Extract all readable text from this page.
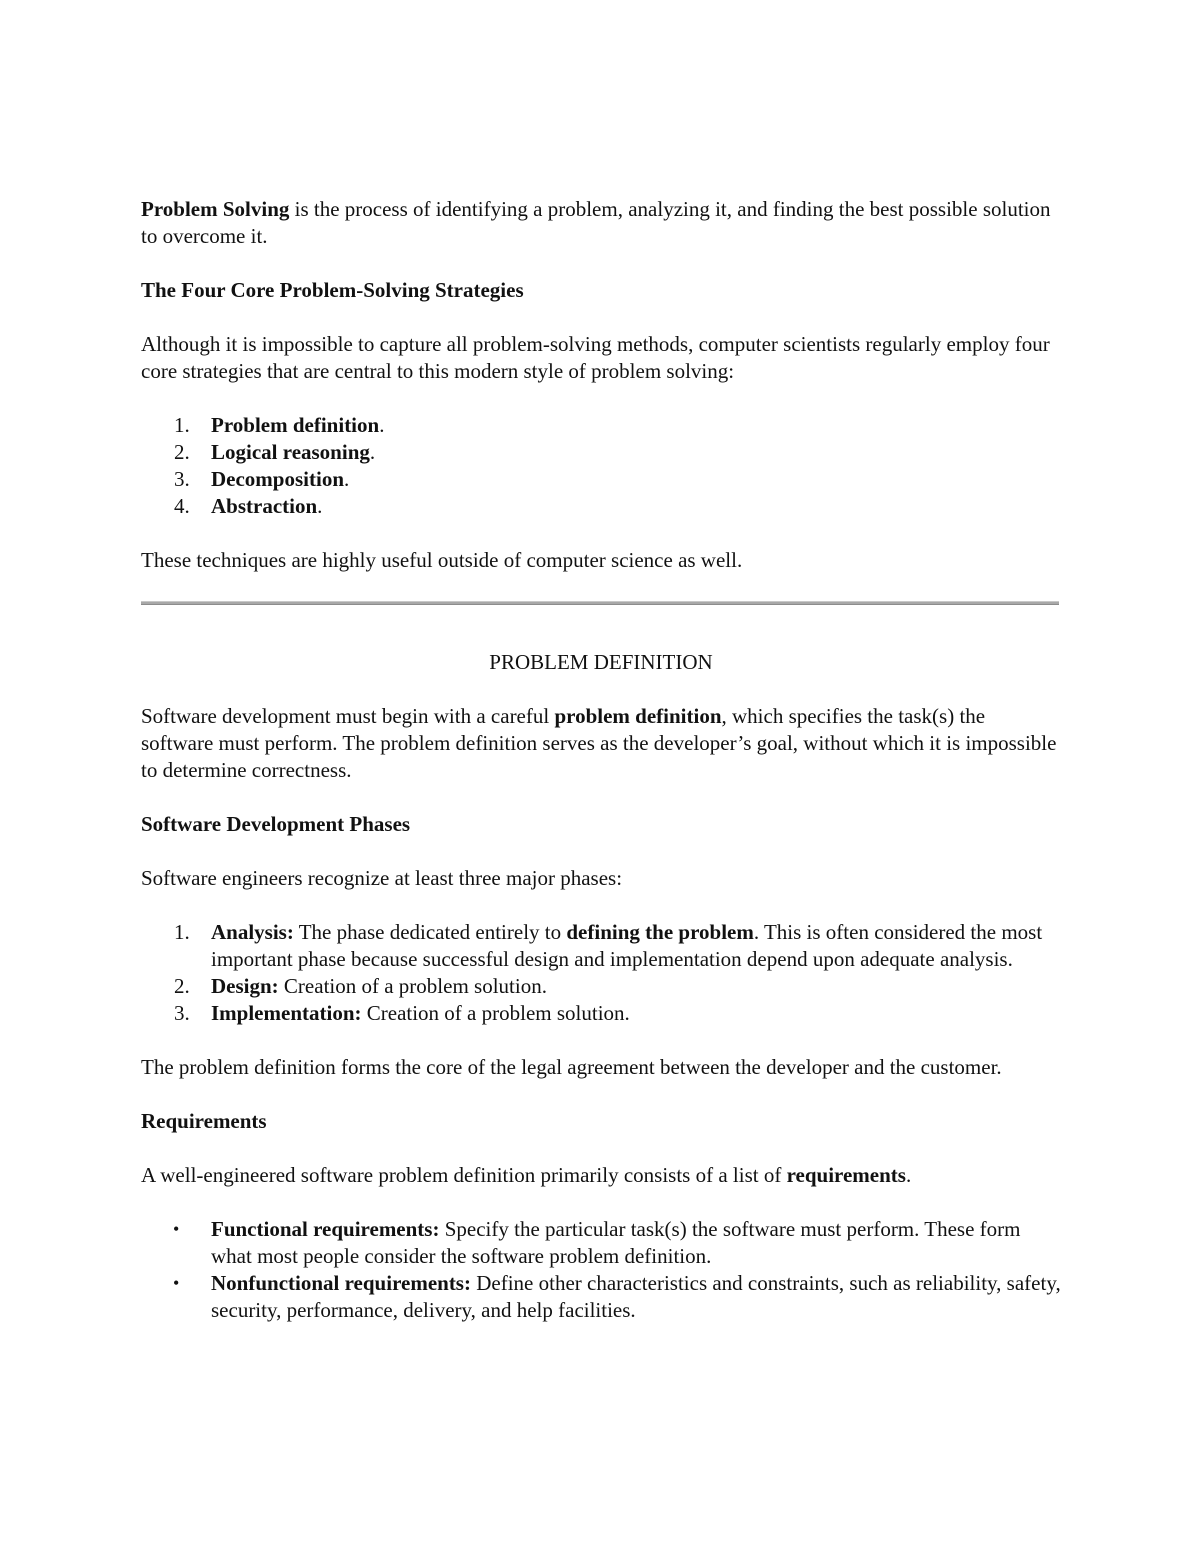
Problem Solving is the process of identifying a problem, analyzing it, and finding the best possible solution to overcome it.

The Four Core Problem-Solving Strategies

Although it is impossible to capture all problem-solving methods, computer scientists regularly employ four core strategies that are central to this modern style of problem solving:

1.	Problem definition.
2.	Logical reasoning.
3.	Decomposition.
4.	Abstraction.

These techniques are highly useful outside of computer science as well.

PROBLEM DEFINITION

Software development must begin with a careful problem definition, which specifies the task(s) the software must perform. The problem definition serves as the developer’s goal, without which it is impossible to determine correctness.

Software Development Phases

Software engineers recognize at least three major phases:

1.	Analysis: The phase dedicated entirely to defining the problem. This is often considered the most important phase because successful design and implementation depend upon adequate analysis.
2.	Design: Creation of a problem solution.
3.	Implementation: Creation of a problem solution.

The problem definition forms the core of the legal agreement between the developer and the customer.

Requirements

A well-engineered software problem definition primarily consists of a list of requirements.

•	Functional requirements: Specify the particular task(s) the software must perform. These form what most people consider the software problem definition.
•	Nonfunctional requirements: Define other characteristics and constraints, such as reliability, safety, security, performance, delivery, and help facilities.
